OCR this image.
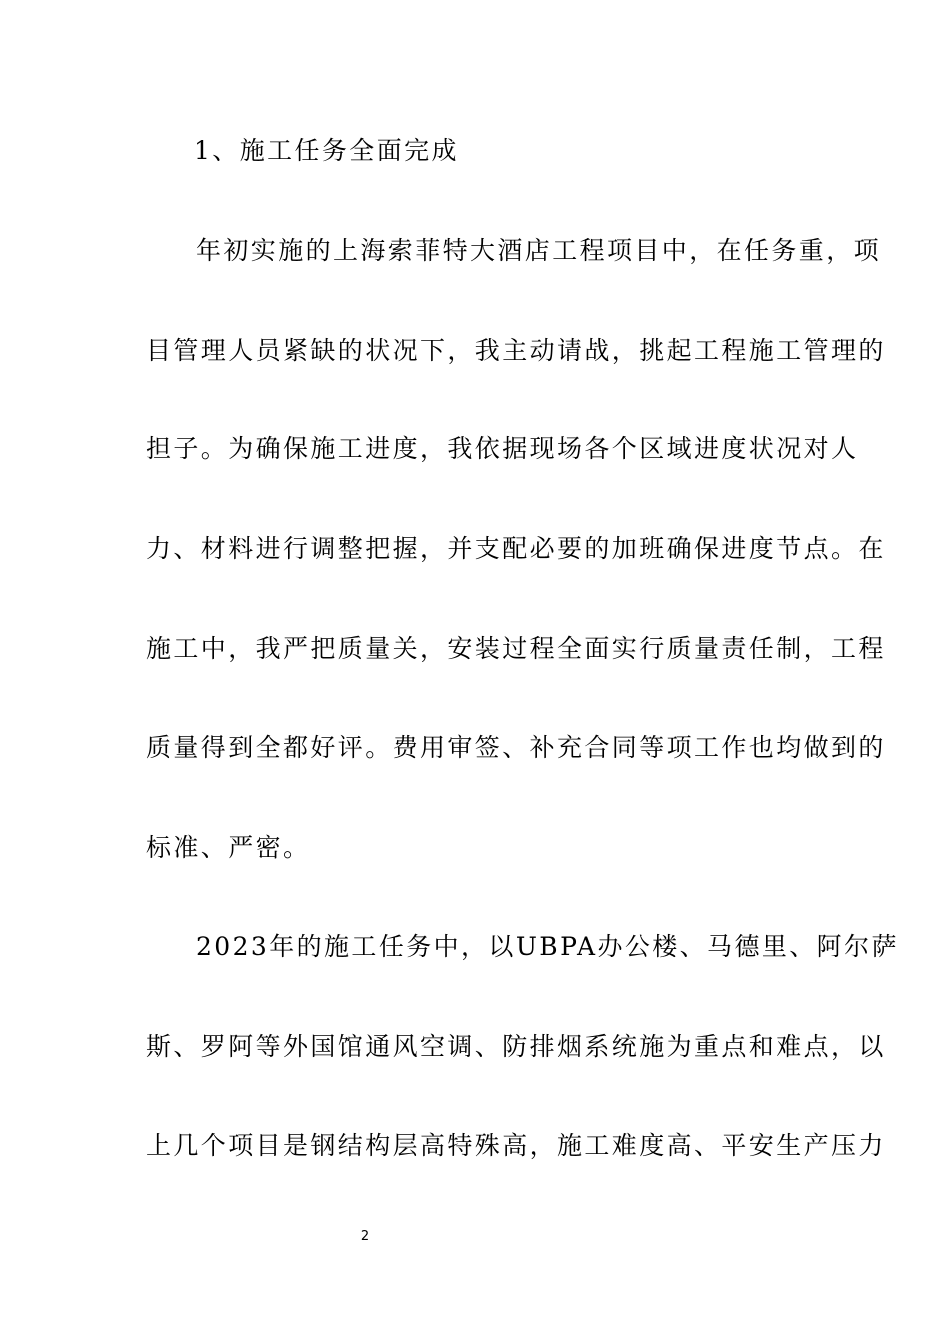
1、施工任务全面完成
年初实施的上海索菲特大酒店工程项目中，在任务重，项
目管理人员紧缺的状况下，我主动请战，挑起工程施工管理的
担子。为确保施工进度，我依据现场各个区域进度状况对人
力、材料进行调整把握，并支配必要的加班确保进度节点。在
施工中，我严把质量关，安装过程全面实行质量责任制，工程
质量得到全都好评。费用审签、补充合同等项工作也均做到的
标准、严密。
2023年的施工任务中，以UBPA办公楼、马德里、阿尔萨
斯、罗阿等外国馆通风空调、防排烟系统施为重点和难点，以
上几个项目是钢结构层高特殊高，施工难度高、平安生产压力
2
